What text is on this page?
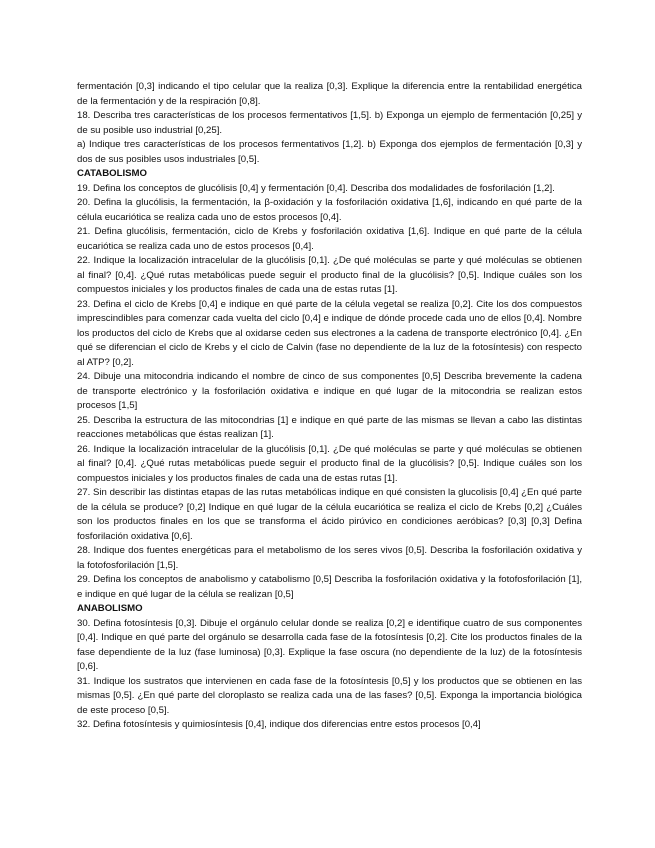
fermentación [0,3] indicando el tipo celular que la realiza [0,3]. Explique la diferencia entre la rentabilidad energética de la fermentación y de la respiración [0,8].

18. Describa tres características de los procesos fermentativos [1,5]. b) Exponga un ejemplo de fermentación [0,25] y de su posible uso industrial [0,25].

a) Indique tres características de los procesos fermentativos [1,2]. b) Exponga dos ejemplos de fermentación [0,3] y dos de sus posibles usos industriales [0,5].

CATABOLISMO

19. Defina los conceptos de glucólisis [0,4] y fermentación [0,4]. Describa dos modalidades de fosforilación [1,2].

20. Defina la glucólisis, la fermentación, la β-oxidación y la fosforilación oxidativa [1,6], indicando en qué parte de la célula eucariótica se realiza cada uno de estos procesos [0,4].

21. Defina glucólisis, fermentación, ciclo de Krebs y fosforilación oxidativa [1,6]. Indique en qué parte de la célula eucariótica se realiza cada uno de estos procesos [0,4].

22. Indique la localización intracelular de la glucólisis [0,1]. ¿De qué moléculas se parte y qué moléculas se obtienen al final? [0,4]. ¿Qué rutas metabólicas puede seguir el producto final de la glucólisis? [0,5]. Indique cuáles son los compuestos iniciales y los productos finales de cada una de estas rutas [1].

23. Defina el ciclo de Krebs [0,4] e indique en qué parte de la célula vegetal se realiza [0,2]. Cite los dos compuestos imprescindibles para comenzar cada vuelta del ciclo [0,4] e indique de dónde procede cada uno de ellos [0,4]. Nombre los productos del ciclo de Krebs que al oxidarse ceden sus electrones a la cadena de transporte electrónico [0,4]. ¿En qué se diferencian el ciclo de Krebs y el ciclo de Calvin (fase no dependiente de la luz de la fotosíntesis) con respecto al ATP? [0,2].

24. Dibuje una mitocondria indicando el nombre de cinco de sus componentes [0,5] Describa brevemente la cadena de transporte electrónico y la fosforilación oxidativa e indique en qué lugar de la mitocondria se realizan estos procesos [1,5]

25. Describa la estructura de las mitocondrias [1] e indique en qué parte de las mismas se llevan a cabo las distintas reacciones metabólicas que éstas realizan [1].

26. Indique la localización intracelular de la glucólisis [0,1]. ¿De qué moléculas se parte y qué moléculas se obtienen al final? [0,4]. ¿Qué rutas metabólicas puede seguir el producto final de la glucólisis? [0,5]. Indique cuáles son los compuestos iniciales y los productos finales de cada una de estas rutas [1].

27. Sin describir las distintas etapas de las rutas metabólicas indique en qué consisten la glucolisis [0,4] ¿En qué parte de la célula se produce? [0,2] Indique en qué lugar de la célula eucariótica se realiza el ciclo de Krebs [0,2] ¿Cuáles son los productos finales en los que se transforma el ácido pirúvico en condiciones aeróbicas? [0,3] [0,3] Defina fosforilación oxidativa [0,6].

28. Indique dos fuentes energéticas para el metabolismo de los seres vivos [0,5]. Describa la fosforilación oxidativa y la fotofosforilación [1,5].

29. Defina los conceptos de anabolismo y catabolismo [0,5] Describa la fosforilación oxidativa y la fotofosforilación [1], e indique en qué lugar de la célula se realizan [0,5]

ANABOLISMO

30. Defina fotosíntesis [0,3]. Dibuje el orgánulo celular donde se realiza [0,2] e identifique cuatro de sus componentes [0,4]. Indique en qué parte del orgánulo se desarrolla cada fase de la fotosíntesis [0,2]. Cite los productos finales de la fase dependiente de la luz (fase luminosa) [0,3]. Explique la fase oscura (no dependiente de la luz) de la fotosíntesis [0,6].

31. Indique los sustratos que intervienen en cada fase de la fotosíntesis [0,5] y los productos que se obtienen en las mismas [0,5]. ¿En qué parte del cloroplasto se realiza cada una de las fases? [0,5]. Exponga la importancia biológica de este proceso [0,5].

32. Defina fotosíntesis y quimiosíntesis [0,4], indique dos diferencias entre estos procesos [0,4]
